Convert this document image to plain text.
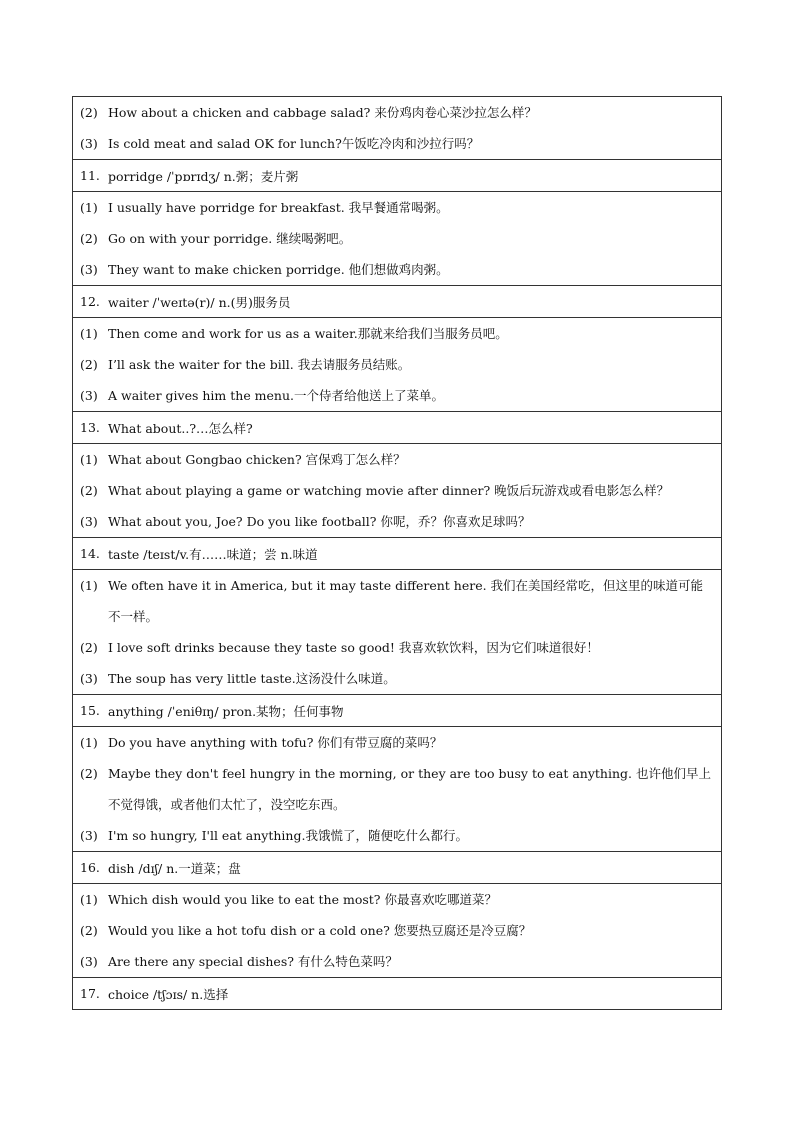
(2) How about a chicken and cabbage salad? 来份鸡肉卷心菜沙拉怎么样？
(3) Is cold meat and salad OK for lunch?午饭吃冷肉和沙拉行吗？
11. porridge /ˈpɒrɪdʒ/ n.粥；麦片粥
(1) I usually have porridge for breakfast. 我早餐通常喝粥。
(2) Go on with your porridge. 继续喝粥吧。
(3) They want to make chicken porridge. 他们想做鸡肉粥。
12. waiter /ˈweɪtə(r)/ n.(男)服务员
(1) Then come and work for us as a waiter.那就来给我们当服务员吧。
(2) I’ll ask the waiter for the bill. 我去请服务员结账。
(3) A waiter gives him the menu.一个侍者给他送上了菜单。
13. What about..?…怎么样?
(1) What about Gongbao chicken? 宫保鸡丁怎么样？
(2) What about playing a game or watching movie after dinner? 晚饭后玩游戏或看电影怎么样？
(3) What about you, Joe? Do you like football? 你呢，乔？你喜欢足球吗？
14. taste /teɪst/v.有……味道；尝 n.味道
(1) We often have it in America, but it may taste different here. 我们在美国经常吃，但这里的味道可能不一样。
(2) I love soft drinks because they taste so good! 我喜欢软饮料，因为它们味道很好！
(3) The soup has very little taste.这汤没什么味道。
15. anything /ˈeniθɪŋ/ pron.某物；任何事物
(1) Do you have anything with tofu? 你们有带豆腐的菜吗？
(2) Maybe they don't feel hungry in the morning, or they are too busy to eat anything. 也许他们早上不觉得饿，或者他们太忙了，没空吃东西。
(3) I'm so hungry, I'll eat anything.我饿慌了，随便吃什么都行。
16. dish /dɪʃ/ n.一道菜；盘
(1) Which dish would you like to eat the most? 你最喜欢吃哪道菜？
(2) Would you like a hot tofu dish or a cold one? 您要热豆腐还是冷豆腐？
(3) Are there any special dishes? 有什么特色菜吗？
17. choice /tʃɔɪs/ n.选择
